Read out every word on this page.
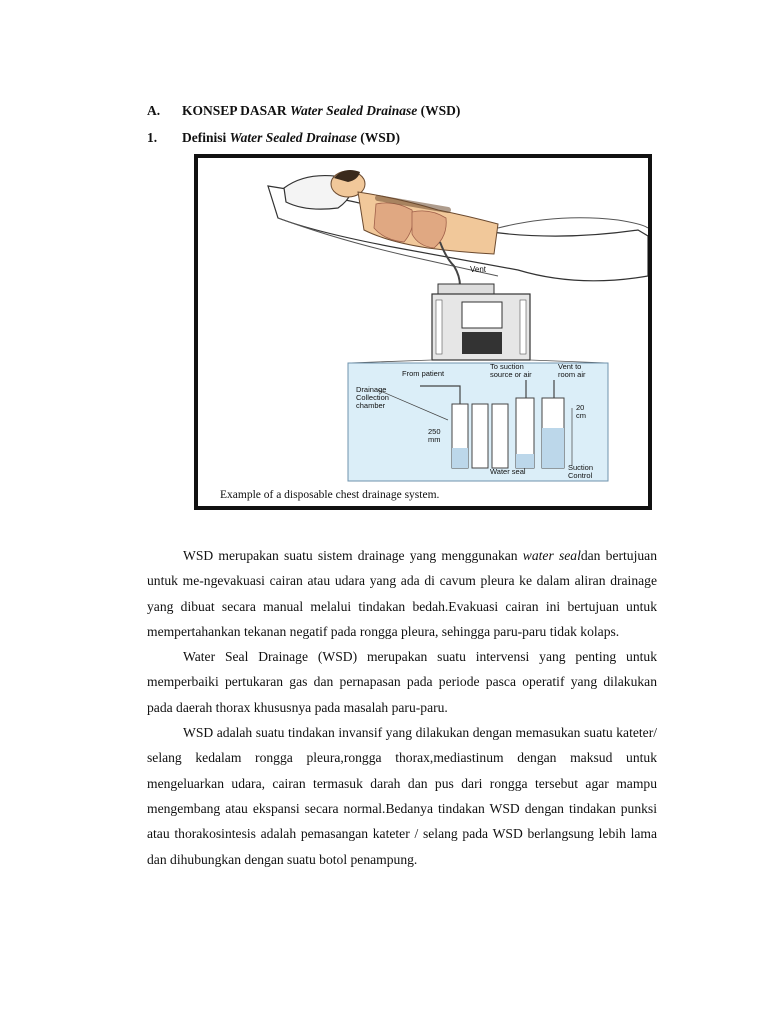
A. KONSEP DASAR Water Sealed Drainase (WSD)
1. Definisi Water Sealed Drainase (WSD)
Vent
From patient
To suction
source or air
Vent to
room air
Drainage
Collection
chamber	20
cm
250
mm
Water seal	Suction
Control
Example of a disposable chest drainage system.

WSD merupakan suatu sistem drainage yang menggunakan water sealdan bertujuan untuk me-ngevakuasi cairan atau udara yang ada di cavum pleura ke dalam aliran drainage yang dibuat secara manual melalui tindakan bedah.Evakuasi cairan ini bertujuan untuk mempertahankan tekanan negatif pada rongga pleura, sehingga paru-paru tidak kolaps.

Water Seal Drainage (WSD) merupakan suatu intervensi yang penting untuk memperbaiki pertukaran gas dan pernapasan pada periode pasca operatif yang dilakukan pada daerah thorax khususnya pada masalah paru-paru.

WSD adalah suatu tindakan invansif yang dilakukan dengan memasukan suatu kateter/ selang kedalam rongga pleura,rongga thorax,mediastinum dengan maksud untuk mengeluarkan udara, cairan termasuk darah dan pus dari rongga tersebut agar mampu mengembang atau ekspansi secara normal.Bedanya tindakan WSD dengan tindakan punksi atau thorakosintesis adalah pemasangan kateter / selang pada WSD berlangsung lebih lama dan dihubungkan dengan suatu botol penampung.
